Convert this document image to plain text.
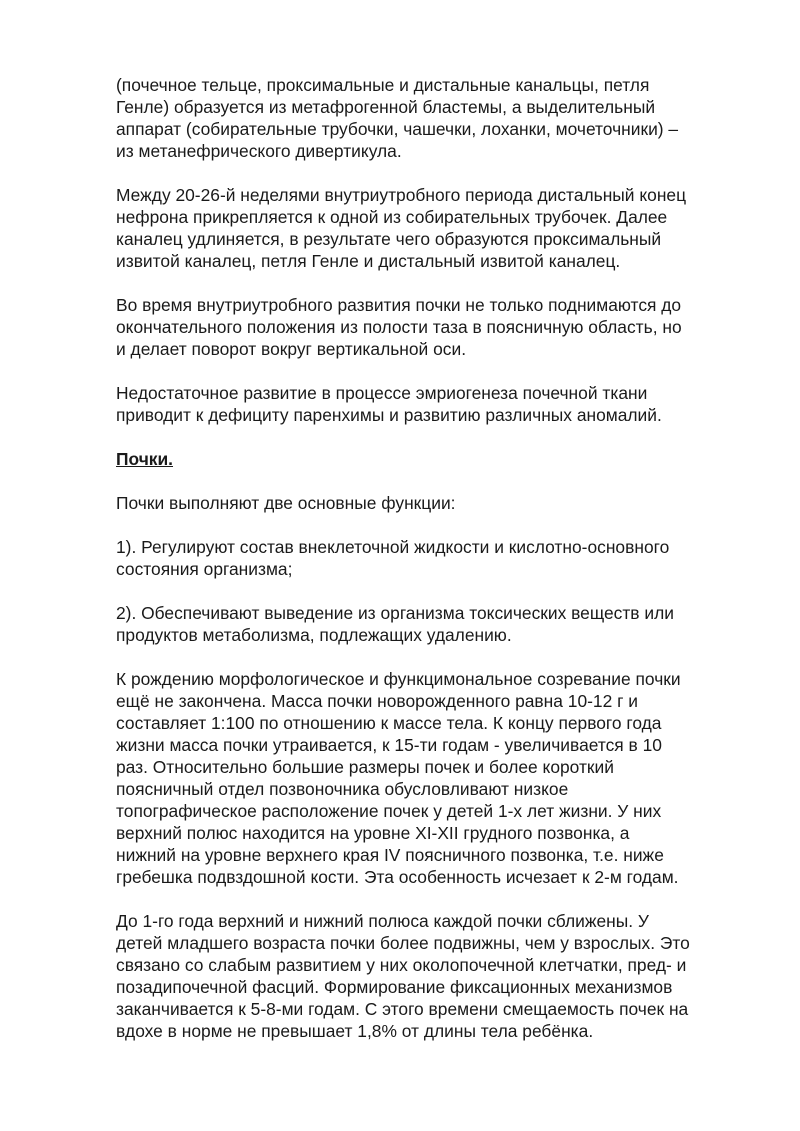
(почечное тельце, проксимальные и дистальные канальцы, петля
Генле) образуется из метафрогенной бластемы, а выделительный
аппарат (собирательные трубочки, чашечки, лоханки, мочеточники) –
из метанефрического дивертикула.
Между 20-26-й неделями внутриутробного периода дистальный конец
нефрона прикрепляется к одной из собирательных трубочек. Далее
каналец удлиняется, в результате чего образуются проксимальный
извитой каналец, петля Генле и дистальный извитой каналец.
Во время внутриутробного развития почки не только поднимаются до
окончательного положения из полости таза в поясничную область, но
и делает поворот вокруг вертикальной оси.
Недостаточное развитие в процессе эмриогенеза почечной ткани
приводит к дефициту паренхимы и развитию различных аномалий.
Почки.
Почки выполняют две основные функции:
1). Регулируют состав внеклеточной жидкости и кислотно-основного
состояния организма;
2). Обеспечивают выведение из организма токсических веществ или
продуктов метаболизма, подлежащих удалению.
К рождению морфологическое и функцимональное созревание почки
ещё не закончена. Масса почки новорожденного равна 10-12 г и
составляет 1:100 по отношению к массе тела. К концу первого года
жизни масса почки утраивается, к 15-ти годам - увеличивается в 10
раз. Относительно большие размеры почек и более короткий
поясничный отдел позвоночника обусловливают низкое
топографическое расположение почек у детей 1-х лет жизни. У них
верхний полюс находится на уровне XI-XII грудного позвонка, а
нижний на уровне верхнего края IV поясничного позвонка, т.е. ниже
гребешка подвздошной кости. Эта особенность исчезает к 2-м годам.
До 1-го года верхний и нижний полюса каждой почки сближены. У
детей младшего возраста почки более подвижны, чем у взрослых. Это
связано со слабым развитием у них околопочечной клетчатки, пред- и
позадипочечной фасций. Формирование фиксационных механизмов
заканчивается к 5-8-ми годам. С этого времени смещаемость почек на
вдохе в норме не превышает 1,8% от длины тела ребёнка.
